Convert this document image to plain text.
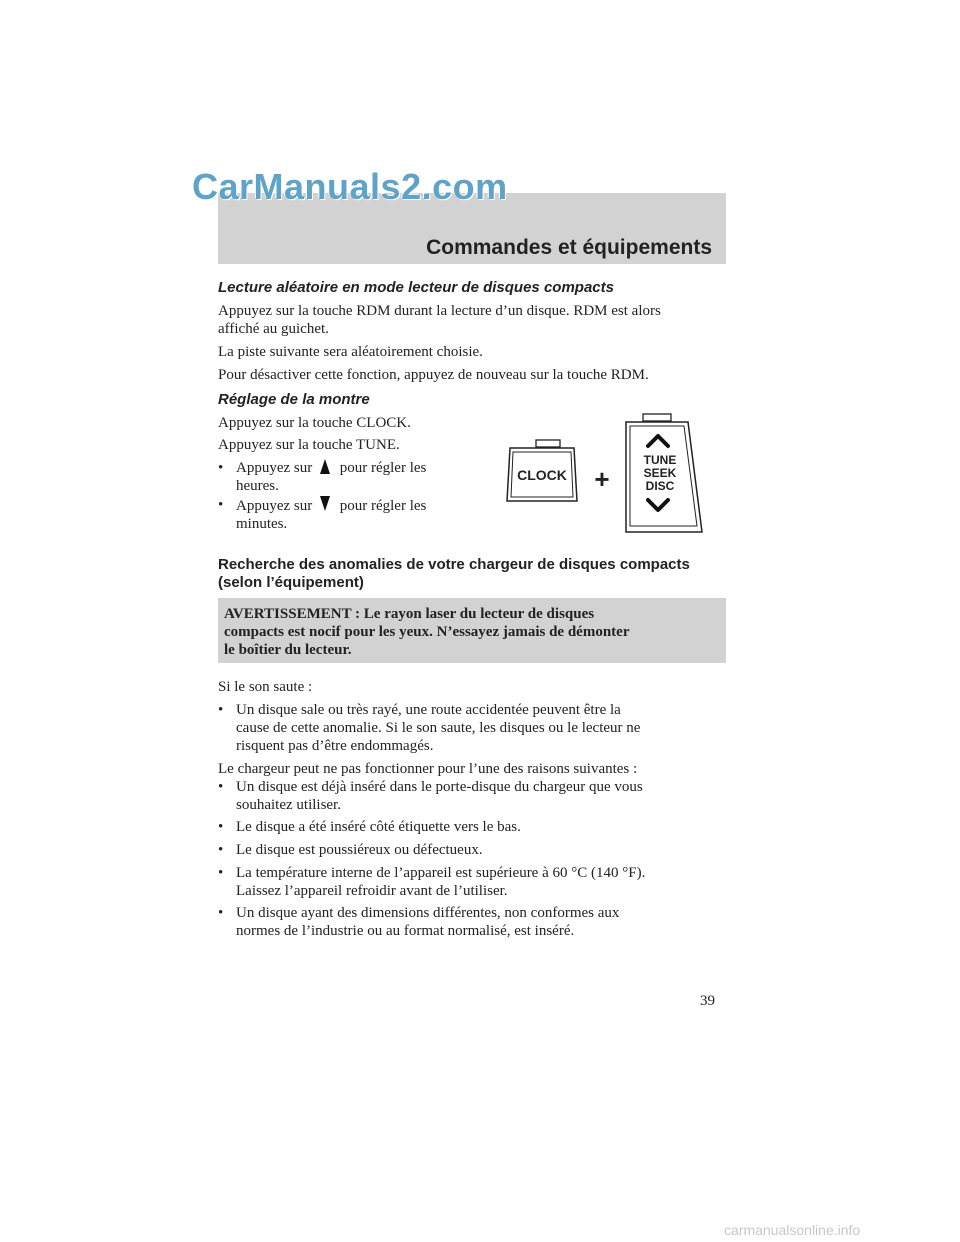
CarManuals2.com
Commandes et équipements

Lecture aléatoire en mode lecteur de disques compacts

Appuyez sur la touche RDM durant la lecture d’un disque. RDM est alors

affiché au guichet.

La piste suivante sera aléatoirement choisie.

Pour désactiver cette fonction, appuyez de nouveau sur la touche RDM.

Réglage de la montre

Appuyez sur la touche CLOCK.

Appuyez sur la touche TUNE.

• Appuyez sur pour régler les
heures.
• Appuyez sur pour régler les
minutes.
CLOCK +
TUNE
SEEK
DISC

Recherche des anomalies de votre chargeur de disques compacts

(selon l’équipement)

AVERTISSEMENT : Le rayon laser du lecteur de disques

compacts est nocif pour les yeux. N’essayez jamais de démonter

le boîtier du lecteur.

Si le son saute :

• Un disque sale ou très rayé, une route accidentée peuvent être la
cause de cette anomalie. Si le son saute, les disques ou le lecteur ne
risquent pas d’être endommagés.

Le chargeur peut ne pas fonctionner pour l’une des raisons suivantes :

• Un disque est déjà inséré dans le porte-disque du chargeur que vous
souhaitez utiliser.
• Le disque a été inséré côté étiquette vers le bas.
• Le disque est poussiéreux ou défectueux.
• La température interne de l’appareil est supérieure à 60 °C (140 °F).
Laissez l’appareil refroidir avant de l’utiliser.
• Un disque ayant des dimensions différentes, non conformes aux
normes de l’industrie ou au format normalisé, est inséré.
39
carmanualsonline.info
